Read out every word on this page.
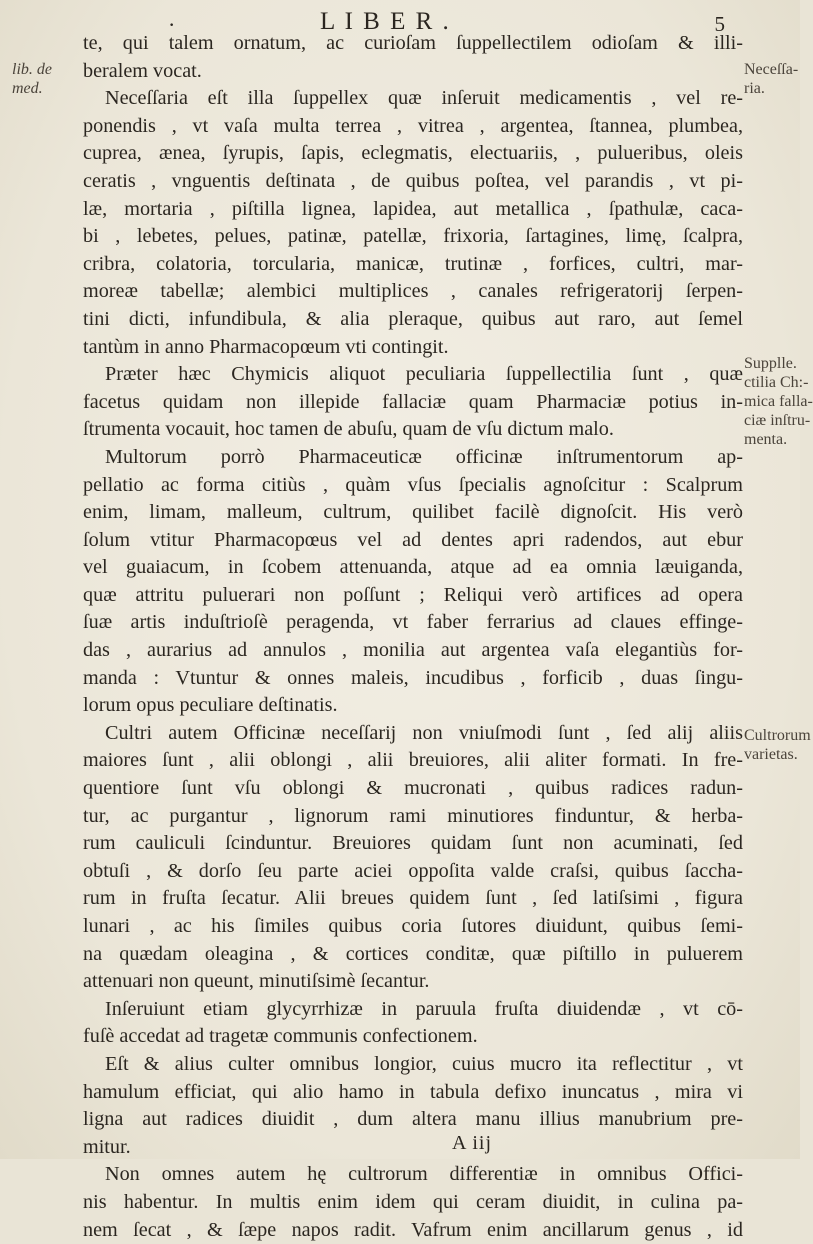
·	L I B E R .	5
lib. de
med.
Neceſſa-
ria.
Supplle.
ctilia Ch:-
mica falla-
ciæ inſtru-
menta.
Cultrorum
varietas.
te, qui talem ornatum, ac curioſam ſuppellectilem odioſam & illi-
beralem vocat.
Neceſſaria eſt illa ſuppellex quæ inſeruit medicamentis , vel re-
ponendis , vt vaſa multa terrea , vitrea , argentea, ſtannea, plumbea,
cuprea, ænea, ſyrupis, ſapis, eclegmatis, electuariis, , pulueribus, oleis
ceratis , vnguentis deſtinata , de quibus poſtea, vel parandis , vt pi-
læ, mortaria , piſtilla lignea, lapidea, aut metallica , ſpathulæ, caca-
bi , lebetes, pelues, patinæ, patellæ, frixoria, ſartagines, limę, ſcalpra,
cribra, colatoria, torcularia, manicæ, trutinæ , forfices, cultri, mar-
moreæ tabellæ; alembici multiplices , canales refrigeratorij ſerpen-
tini dicti, infundibula, & alia pleraque, quibus aut raro, aut ſemel
tantùm in anno Pharmacopœum vti contingit.
Præter hæc Chymicis aliquot peculiaria ſuppellectilia ſunt , quæ
facetus quidam non illepide fallaciæ quam Pharmaciæ potius in-
ſtrumenta vocauit, hoc tamen de abuſu, quam de vſu dictum malo.
Multorum porrò Pharmaceuticæ officinæ inſtrumentorum ap-
pellatio ac forma citiùs , quàm vſus ſpecialis agnoſcitur : Scalprum
enim, limam, malleum, cultrum, quilibet facilè dignoſcit. His verò
ſolum vtitur Pharmacopœus vel ad dentes apri radendos, aut ebur
vel guaiacum, in ſcobem attenuanda, atque ad ea omnia læuiganda,
quæ attritu puluerari non poſſunt ; Reliqui verò artifices ad opera
ſuæ artis induſtrioſè peragenda, vt faber ferrarius ad claues effinge-
das , aurarius ad annulos , monilia aut argentea vaſa elegantiùs for-
manda : Vtuntur & onnes maleis, incudibus , forficib , duas ſingu-
lorum opus peculiare deſtinatis.
Cultri autem Officinæ neceſſarij non vniuſmodi ſunt , ſed alij aliis
maiores ſunt , alii oblongi , alii breuiores, alii aliter formati. In fre-
quentiore ſunt vſu oblongi & mucronati , quibus radices radun-
tur, ac purgantur , lignorum rami minutiores finduntur, & herba-
rum cauliculi ſcinduntur. Breuiores quidam ſunt non acuminati, ſed
obtuſi , & dorſo ſeu parte aciei oppoſita valde craſsi, quibus ſaccha-
rum in fruſta ſecatur. Alii breues quidem ſunt , ſed latiſsimi , figura
lunari , ac his ſimiles quibus coria ſutores diuidunt, quibus ſemi-
na quædam oleagina , & cortices conditæ, quæ piſtillo in puluerem
attenuari non queunt, minutiſsimè ſecantur.
Inſeruiunt etiam glycyrrhizæ in paruula fruſta diuidendæ , vt cō-
fuſè accedat ad tragetæ communis confectionem.
Eſt & alius culter omnibus longior, cuius mucro ita reflectitur , vt
hamulum efficiat, qui alio hamo in tabula defixo inuncatus , mira vi
ligna aut radices diuidit , dum altera manu illius manubrium pre-
mitur.
Non omnes autem hę cultrorum differentiæ in omnibus Offici-
nis habentur. In multis enim idem qui ceram diuidit, in culina pa-
nem ſecat , & ſæpe napos radit. Vafrum enim ancillarum genus , id
A iij
